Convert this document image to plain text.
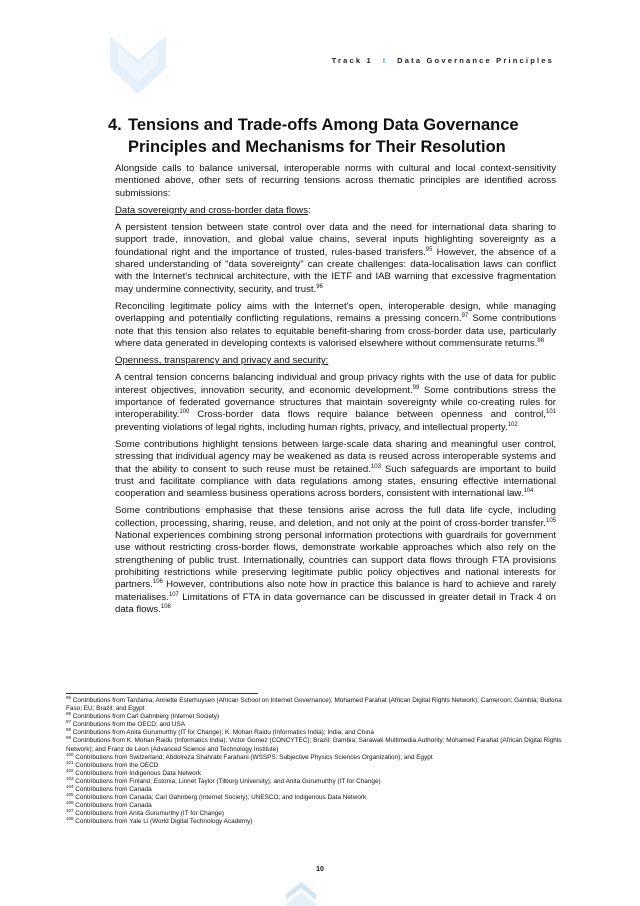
Track 1 I Data Governance Principles
4. Tensions and Trade-offs Among Data Governance
Principles and Mechanisms for Their Resolution

Alongside calls to balance universal, interoperable norms with cultural and local context-sensitivity mentioned above, other sets of recurring tensions across thematic principles are identified across submissions:

Data sovereignty and cross-border data flows:

A persistent tension between state control over data and the need for international data sharing to support trade, innovation, and global value chains, several inputs highlighting sovereignty as a foundational right and the importance of trusted, rules-based transfers.$^{95}$ However, the absence of a shared understanding of "data sovereignty" can create challenges: data-localisation laws can conflict with the Internet's technical architecture, with the IETF and IAB warning that excessive fragmentation may undermine connectivity, security, and trust.$^{96}$

Reconciling legitimate policy aims with the Internet's open, interoperable design, while managing overlapping and potentially conflicting regulations, remains a pressing concern.$^{97}$ Some contributions note that this tension also relates to equitable benefit-sharing from cross-border data use, particularly where data generated in developing contexts is valorised elsewhere without commensurate returns.$^{98}$

Openness, transparency and privacy and security:

A central tension concerns balancing individual and group privacy rights with the use of data for public interest objectives, innovation security, and economic development.$^{99}$ Some contributions stress the importance of federated governance structures that maintain sovereignty while co-creating rules for interoperability.$^{100}$ Cross-border data flows require balance between openness and control,$^{101}$ preventing violations of legal rights, including human rights, privacy, and intellectual property.$^{102}$

Some contributions highlight tensions between large-scale data sharing and meaningful user control, stressing that individual agency may be weakened as data is reused across interoperable systems and that the ability to consent to such reuse must be retained.$^{103}$ Such safeguards are important to build trust and facilitate compliance with data regulations among states, ensuring effective international cooperation and seamless business operations across borders, consistent with international law.$^{104}$

Some contributions emphasise that these tensions arise across the full data life cycle, including collection, processing, sharing, reuse, and deletion, and not only at the point of cross-border transfer.$^{105}$ National experiences combining strong personal information protections with guardrails for government use without restricting cross-border flows, demonstrate workable approaches which also rely on the strengthening of public trust. Internationally, countries can support data flows through FTA provisions prohibiting restrictions while preserving legitimate public policy objectives and national interests for partners.$^{106}$ However, contributions also note how in practice this balance is hard to achieve and rarely materialises.$^{107}$ Limitations of FTA in data governance can be discussed in greater detail in Track 4 on data flows.$^{108}$

$^{95}$ Contributions from Tanzania; Anriette Esterhuysen (African School on Internet Governance); Mohamed Farahat (African Digital Rights Network); Cameroon; Gambia; Burkina Faso; EU; Brazil; and Egypt

$^{96}$ Contributions from Carl Gahnberg (Internet Society)

$^{97}$ Contributions from the OECD; and USA

$^{98}$ Contributions from Anita Gurumurthy (IT for Change); K. Mohan Raidu (Informatics India); India; and China

$^{99}$ Contributions from K. Mohan Raidu (Informatics India); Victor Gomez (CONCYTEC); Brazil; Gambia; Sarawak Multimedia Authority; Mohamed Farahat (African Digital Rights Network); and Franz de Leon (Advanced Science and Technology Institute)

$^{100}$ Contributions from Switzerland; Abdolreza Shahrabi Farahani (WSSPS: Subjective Physics Sciences Organization); and Egypt

$^{101}$ Contributions from the OECD

$^{102}$ Contributions from Indigenous Data Network

$^{103}$ Contributions from Finland; Estonia; Linnet Taylor (Tilburg University); and Anita Gurumurthy (IT for Change)

$^{104}$ Contributions from Canada

$^{105}$ Contributions from Canada; Carl Gahnberg (Internet Society); UNESCO; and Indigenous Data Network

$^{106}$ Contributions from Canada

$^{107}$ Contributions from Anita Gurumurthy (IT for Change)

$^{108}$ Contributions from Yale Li (World Digital Technology Academy)

10
